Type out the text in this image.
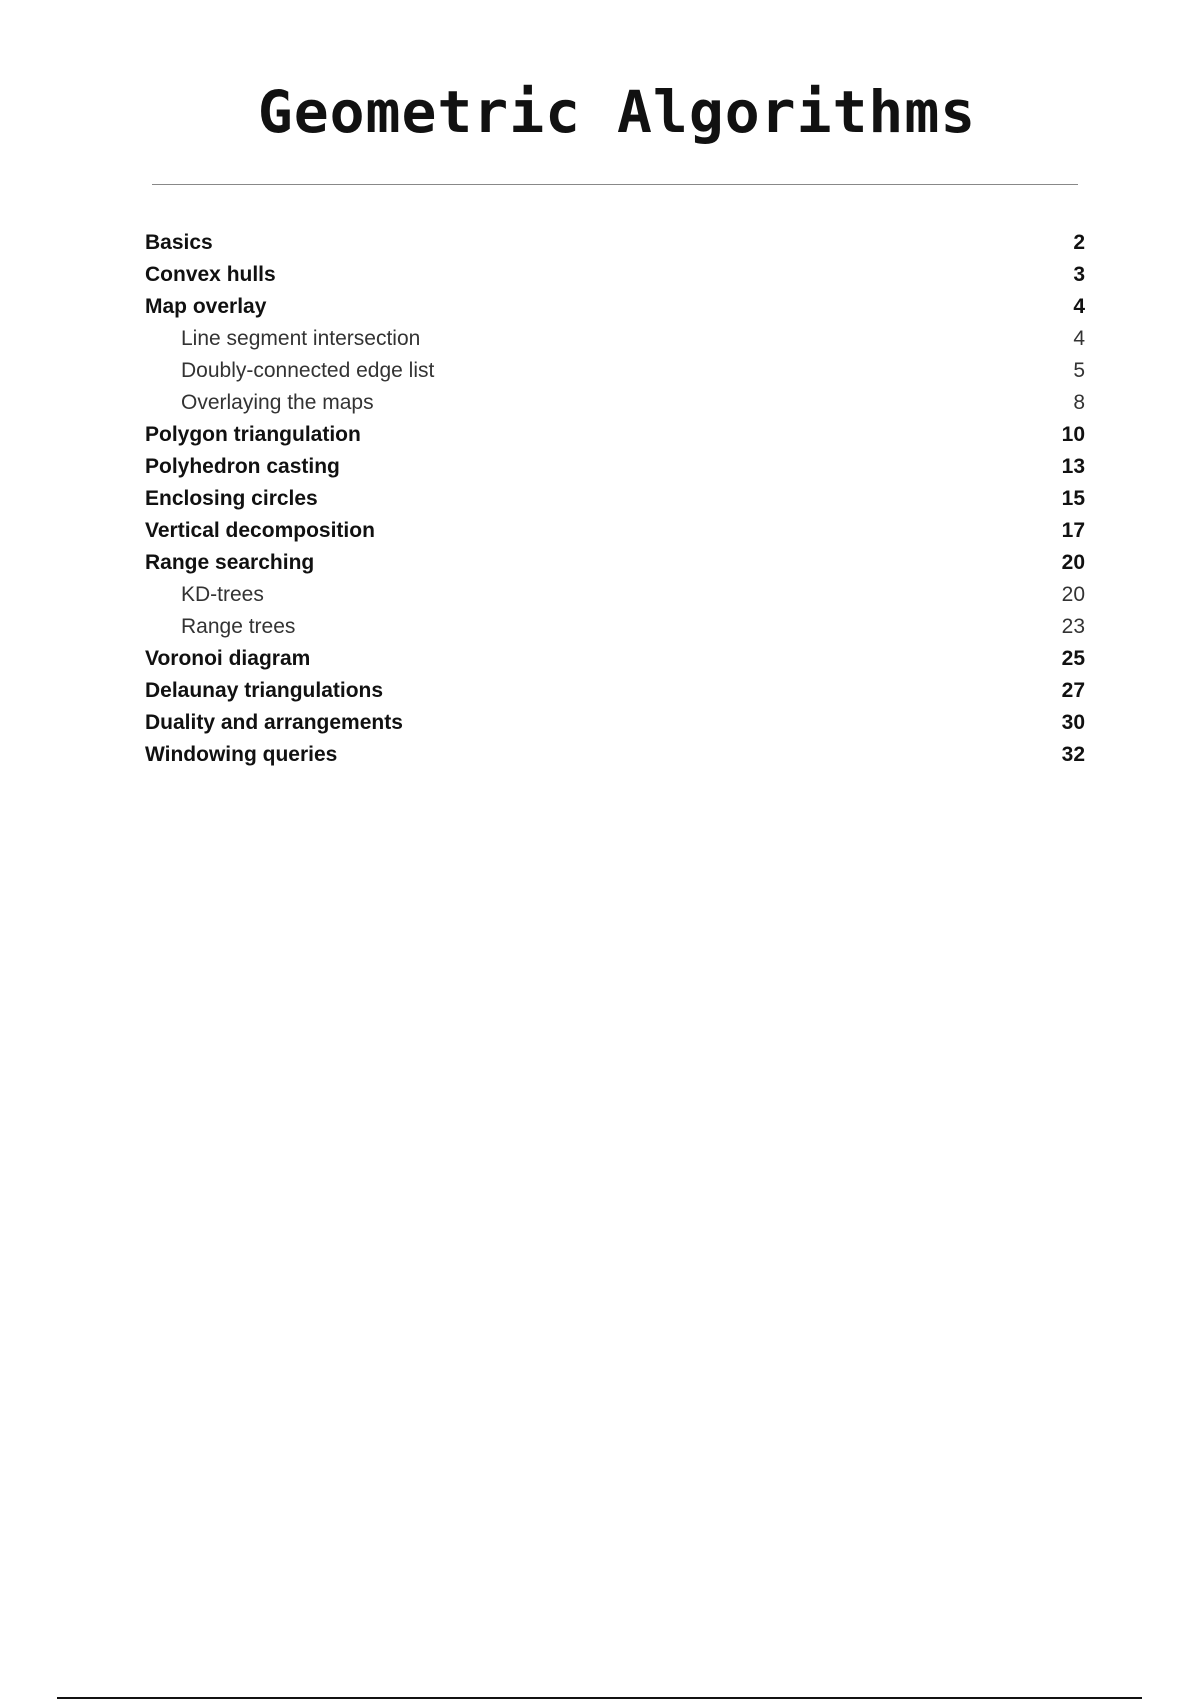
Geometric Algorithms
Basics	2
Convex hulls	3
Map overlay	4
Line segment intersection	4
Doubly-connected edge list	5
Overlaying the maps	8
Polygon triangulation	10
Polyhedron casting	13
Enclosing circles	15
Vertical decomposition	17
Range searching	20
KD-trees	20
Range trees	23
Voronoi diagram	25
Delaunay triangulations	27
Duality and arrangements	30
Windowing queries	32
